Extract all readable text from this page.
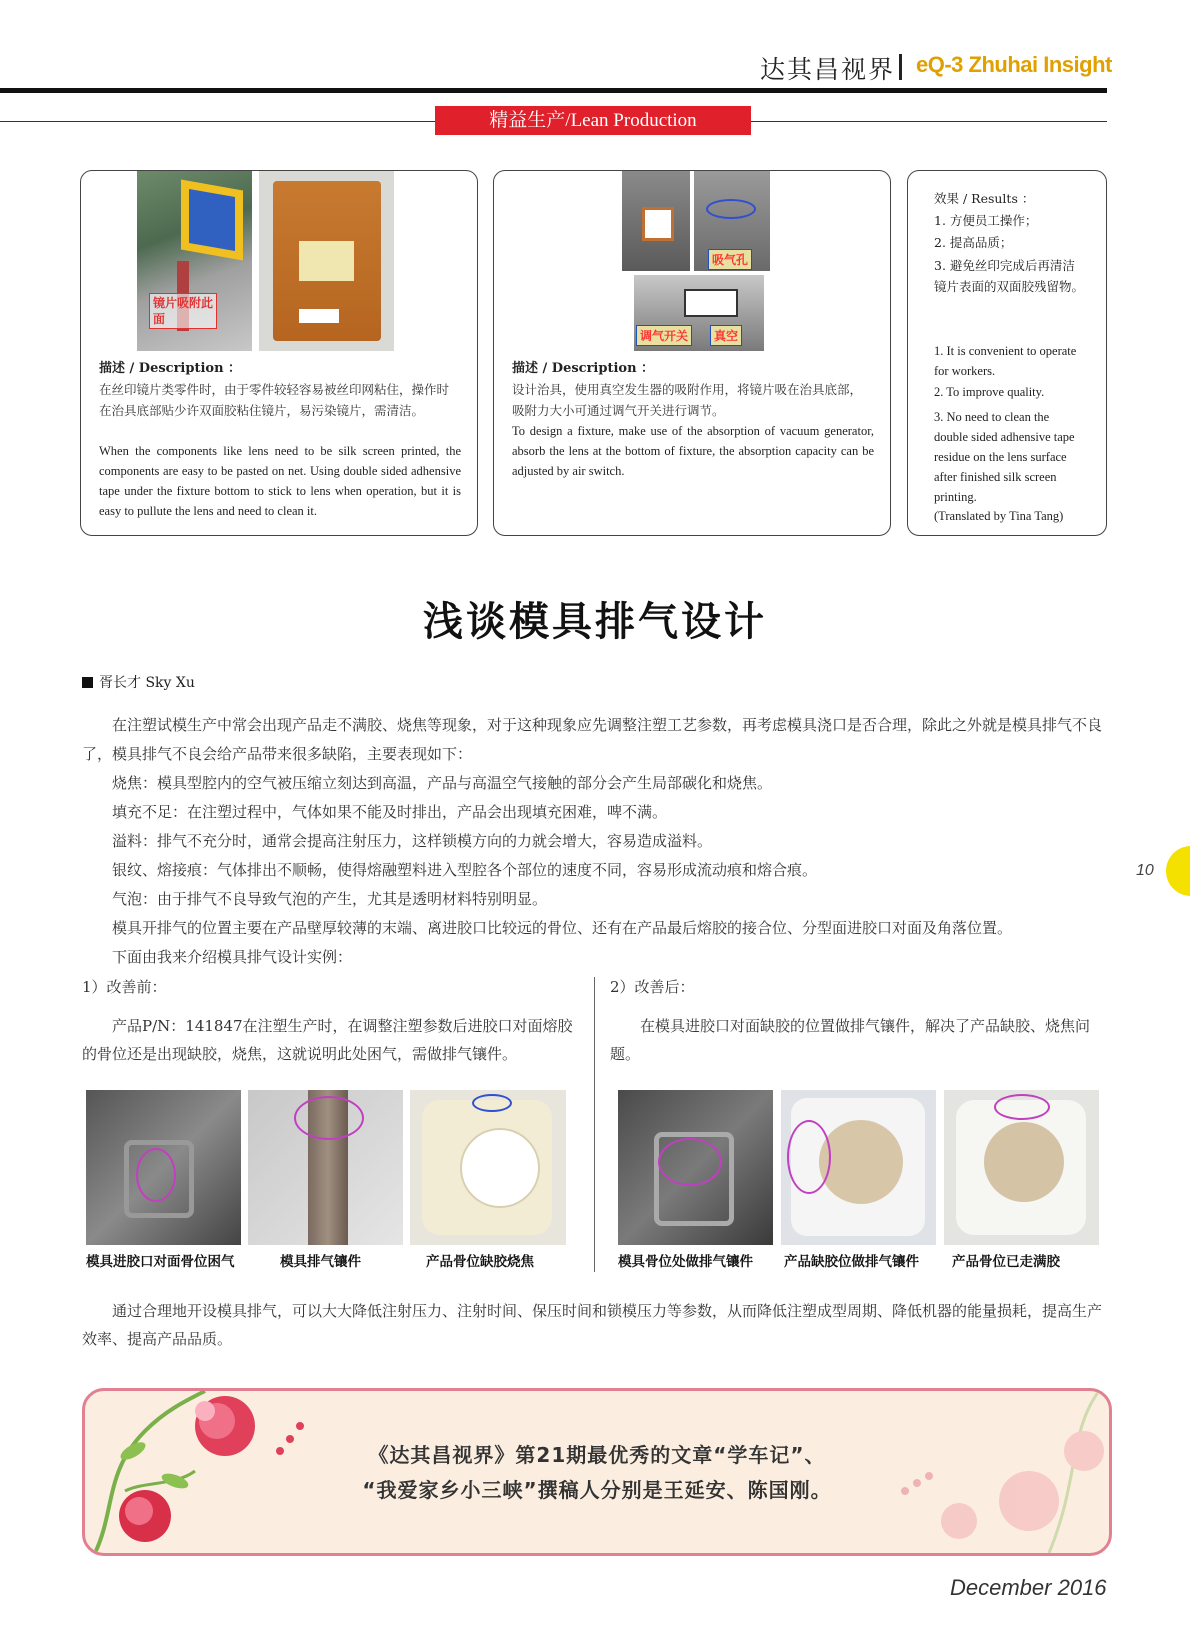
达其昌视界 eQ-3 Zhuhai Insight
精益生产/Lean Production
镜片吸附此面
描述 / Description ：
在丝印镜片类零件时，由于零件较轻容易被丝印网粘住，操作时在治具底部贴少许双面胶粘住镜片，易污染镜片，需清洁。
When the components like lens need to be silk screen printed, the components are easy to be pasted on net. Using double sided adhensive tape under the fixture bottom to stick to lens when operation, but it is easy to pullute the lens and need to clean it.
吸气孔
调气开关	真空
描述 / Description ：
设计治具，使用真空发生器的吸附作用，将镜片吸在治具底部，吸附力大小可通过调气开关进行调节。
To design a fixture, make use of the absorption of vacuum generator, absorb the lens at the bottom of fixture, the absorption capacity can be adjusted by air switch.
效果 / Results ：
1. 方便员工操作；
2. 提高品质；
3. 避免丝印完成后再清洁镜片表面的双面胶残留物。
1. It is convenient to operate for workers.
2. To improve quality.
3. No need to clean the double sided adhensive tape residue on the lens surface after finished silk screen printing.
(Translated by Tina Tang)
浅谈模具排气设计
胥长才 Sky Xu

在注塑试模生产中常会出现产品走不满胶、烧焦等现象，对于这种现象应先调整注塑工艺参数，再考虑模具浇口是否合理，除此之外就是模具排气不良了，模具排气不良会给产品带来很多缺陷，主要表现如下：

烧焦：模具型腔内的空气被压缩立刻达到高温，产品与高温空气接触的部分会产生局部碳化和烧焦。

填充不足：在注塑过程中，气体如果不能及时排出，产品会出现填充困难，啤不满。

溢料：排气不充分时，通常会提高注射压力，这样锁模方向的力就会增大，容易造成溢料。

银纹、熔接痕：气体排出不顺畅，使得熔融塑料进入型腔各个部位的速度不同，容易形成流动痕和熔合痕。

气泡：由于排气不良导致气泡的产生，尤其是透明材料特别明显。

模具开排气的位置主要在产品壁厚较薄的末端、离进胶口比较远的骨位、还有在产品最后熔胶的接合位、分型面进胶口对面及角落位置。

下面由我来介绍模具排气设计实例：

1）改善前：
产品P/N：141847在注塑生产时，在调整注塑参数后进胶口对面熔胶的骨位还是出现缺胶，烧焦，这就说明此处困气，需做排气镶件。
2）改善后：
在模具进胶口对面缺胶的位置做排气镶件，解决了产品缺胶、烧焦问题。
模具进胶口对面骨位困气	模具排气镶件	产品骨位缺胶烧焦	模具骨位处做排气镶件 产品缺胶位做排气镶件 产品骨位已走满胶
通过合理地开设模具排气，可以大大降低注射压力、注射时间、保压时间和锁模压力等参数，从而降低注塑成型周期、降低机器的能量损耗，提高生产效率、提高产品品质。
《达其昌视界》第21期最优秀的文章“学车记”、
“我爱家乡小三峡”撰稿人分别是王延安、陈国刚。
10
December 2016
